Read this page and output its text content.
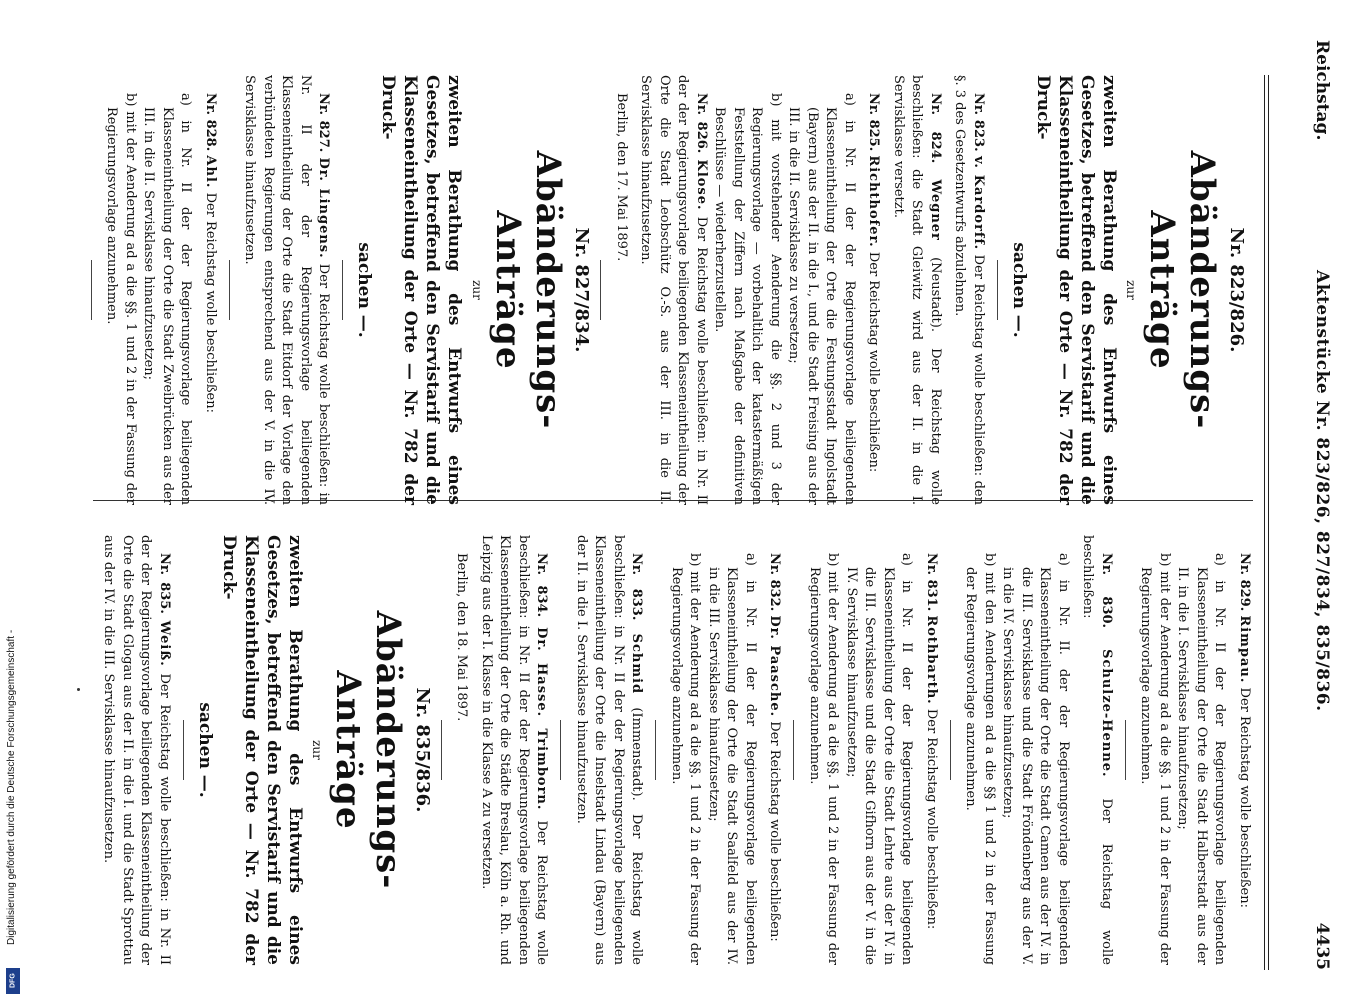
Reichstag.
Aktenstücke Nr. 823/826, 827/834, 835/836.
4435
Nr. 823/826.
Abänderungs-Anträge
zur
zweiten Berathung des Entwurfs eines Gesetzes, betreffend den Servistarif und die Klasseneintheilung der Orte — Nr. 782 der Druck-
sachen —.

Nr. 823. v. Kardorff. Der Reichstag wolle beschließen: den §. 3 des Gesetzentwurfs abzulehnen.

Nr. 824. Wegner (Neustadt). Der Reichstag wolle beschließen: die Stadt Gleiwitz wird aus der II. in die I. Servisklasse versetzt.

Nr. 825. Richthofer. Der Reichstag wolle beschließen:

a) in Nr. II der der Regierungsvorlage beiliegenden Klasseneintheilung der Orte die Festungsstadt Ingolstadt (Bayern) aus der II. in die I., und die Stadt Freising aus der III. in die II. Servisklasse zu versetzen;

b) mit vorstehender Aenderung die §§. 2 und 3 der Regierungsvorlage — vorbehaltlich der katastermäßigen Feststellung der Ziffern nach Maßgabe der definitiven Beschlüsse — wiederherzustellen.

Nr. 826. Klose. Der Reichstag wolle beschließen: in Nr. II der der Regierungsvorlage beiliegenden Klasseneintheilung der Orte die Stadt Leobschütz O.-S. aus der III. in die II. Servisklasse hinaufzusetzen.

Berlin, den 17. Mai 1897.

Nr. 827/834.
Abänderungs-Anträge
zur
zweiten Berathung des Entwurfs eines Gesetzes, betreffend den Servistarif und die Klasseneintheilung der Orte — Nr. 782 der Druck-
sachen —.

Nr. 827. Dr. Lingens. Der Reichstag wolle beschließen: in Nr. II der der Regierungsvorlage beiliegenden Klasseneintheilung der Orte die Stadt Eitdorf der Vorlage den verbündeten Regierungen entsprechend aus der V. in die IV. Servisklasse hinaufzusetzen.

Nr. 828. Ahl. Der Reichstag wolle beschließen:

a) in Nr. II der der Regierungsvorlage beiliegenden Klasseneintheilung der Orte die Stadt Zweibrücken aus der III. in die II. Servisklasse hinaufzusetzen;

b) mit der Aenderung ad a die §§. 1 und 2 in der Fassung der Regierungsvorlage anzunehmen.

Nr. 829. Rimpau. Der Reichstag wolle beschließen:

a) in Nr. II der der Regierungsvorlage beiliegenden Klasseneintheilung der Orte die Stadt Halberstadt aus der II. in die I. Servisklasse hinaufzusetzen;

b) mit der Aenderung ad a die §§. 1 und 2 in der Fassung der Regierungsvorlage anzunehmen.

Nr. 830. Schulze-Henne. Der Reichstag wolle beschließen:

a) in Nr. II. der der Regierungsvorlage beiliegenden Klasseneintheilung der Orte die Stadt Camen aus der IV. in die III. Servisklasse und die Stadt Fröndenberg aus der V. in die IV. Servisklasse hinaufzusetzen;

b) mit den Aenderungen ad a die §§ 1 und 2 in der Fassung der Regierungsvorlage anzunehmen.

Nr. 831. Rothbarth. Der Reichstag wolle beschließen:

a) in Nr. II der der Regierungsvorlage beiliegenden Klasseneintheilung der Orte die Stadt Lehrte aus der IV. in die III. Servisklasse und die Stadt Gifhorn aus der V. in die IV. Servisklasse hinaufzusetzen;

b) mit der Aenderung ad a die §§. 1 und 2 in der Fassung der Regierungsvorlage anzunehmen.

Nr. 832. Dr. Paasche. Der Reichstag wolle beschließen:

a) in Nr. II der der Regierungsvorlage beiliegenden Klasseneintheilung der Orte die Stadt Saalfeld aus der IV. in die III. Servisklasse hinaufzusetzen;

b) mit der Aenderung ad a die §§. 1 und 2 in der Fassung der Regierungsvorlage anzunehmen.

Nr. 833. Schmid (Immenstadt). Der Reichstag wolle beschließen: in Nr. II der der Regierungsvorlage beiliegenden Klasseneintheilung der Orte die Inselstadt Lindau (Bayern) aus der II. in die I. Servisklasse hinaufzusetzen.

Nr. 834. Dr. Hasse. Trimborn. Der Reichstag wolle beschließen: in Nr. II der der Regierungsvorlage beiliegenden Klasseneintheilung der Orte die Städte Breslau, Köln a. Rh. und Leipzig aus der I. Klasse in die Klasse A zu versetzen.

Berlin, den 18. Mai 1897.

Nr. 835/836.
Abänderungs-Anträge
zur
zweiten Berathung des Entwurfs eines Gesetzes, betreffend den Servistarif und die Klasseneintheilung der Orte — Nr. 782 der Druck-
sachen —.

Nr. 835. Weiß. Der Reichstag wolle beschließen: in Nr. II der der Regierungsvorlage beiliegenden Klasseneintheilung der Orte die Stadt Glogau aus der II. in die I. und die Stadt Sprottau aus der IV. in die III. Servisklasse hinaufzusetzen.

Digitalisierung gefördert durch die Deutsche Forschungsgemeinschaft -
DFG
